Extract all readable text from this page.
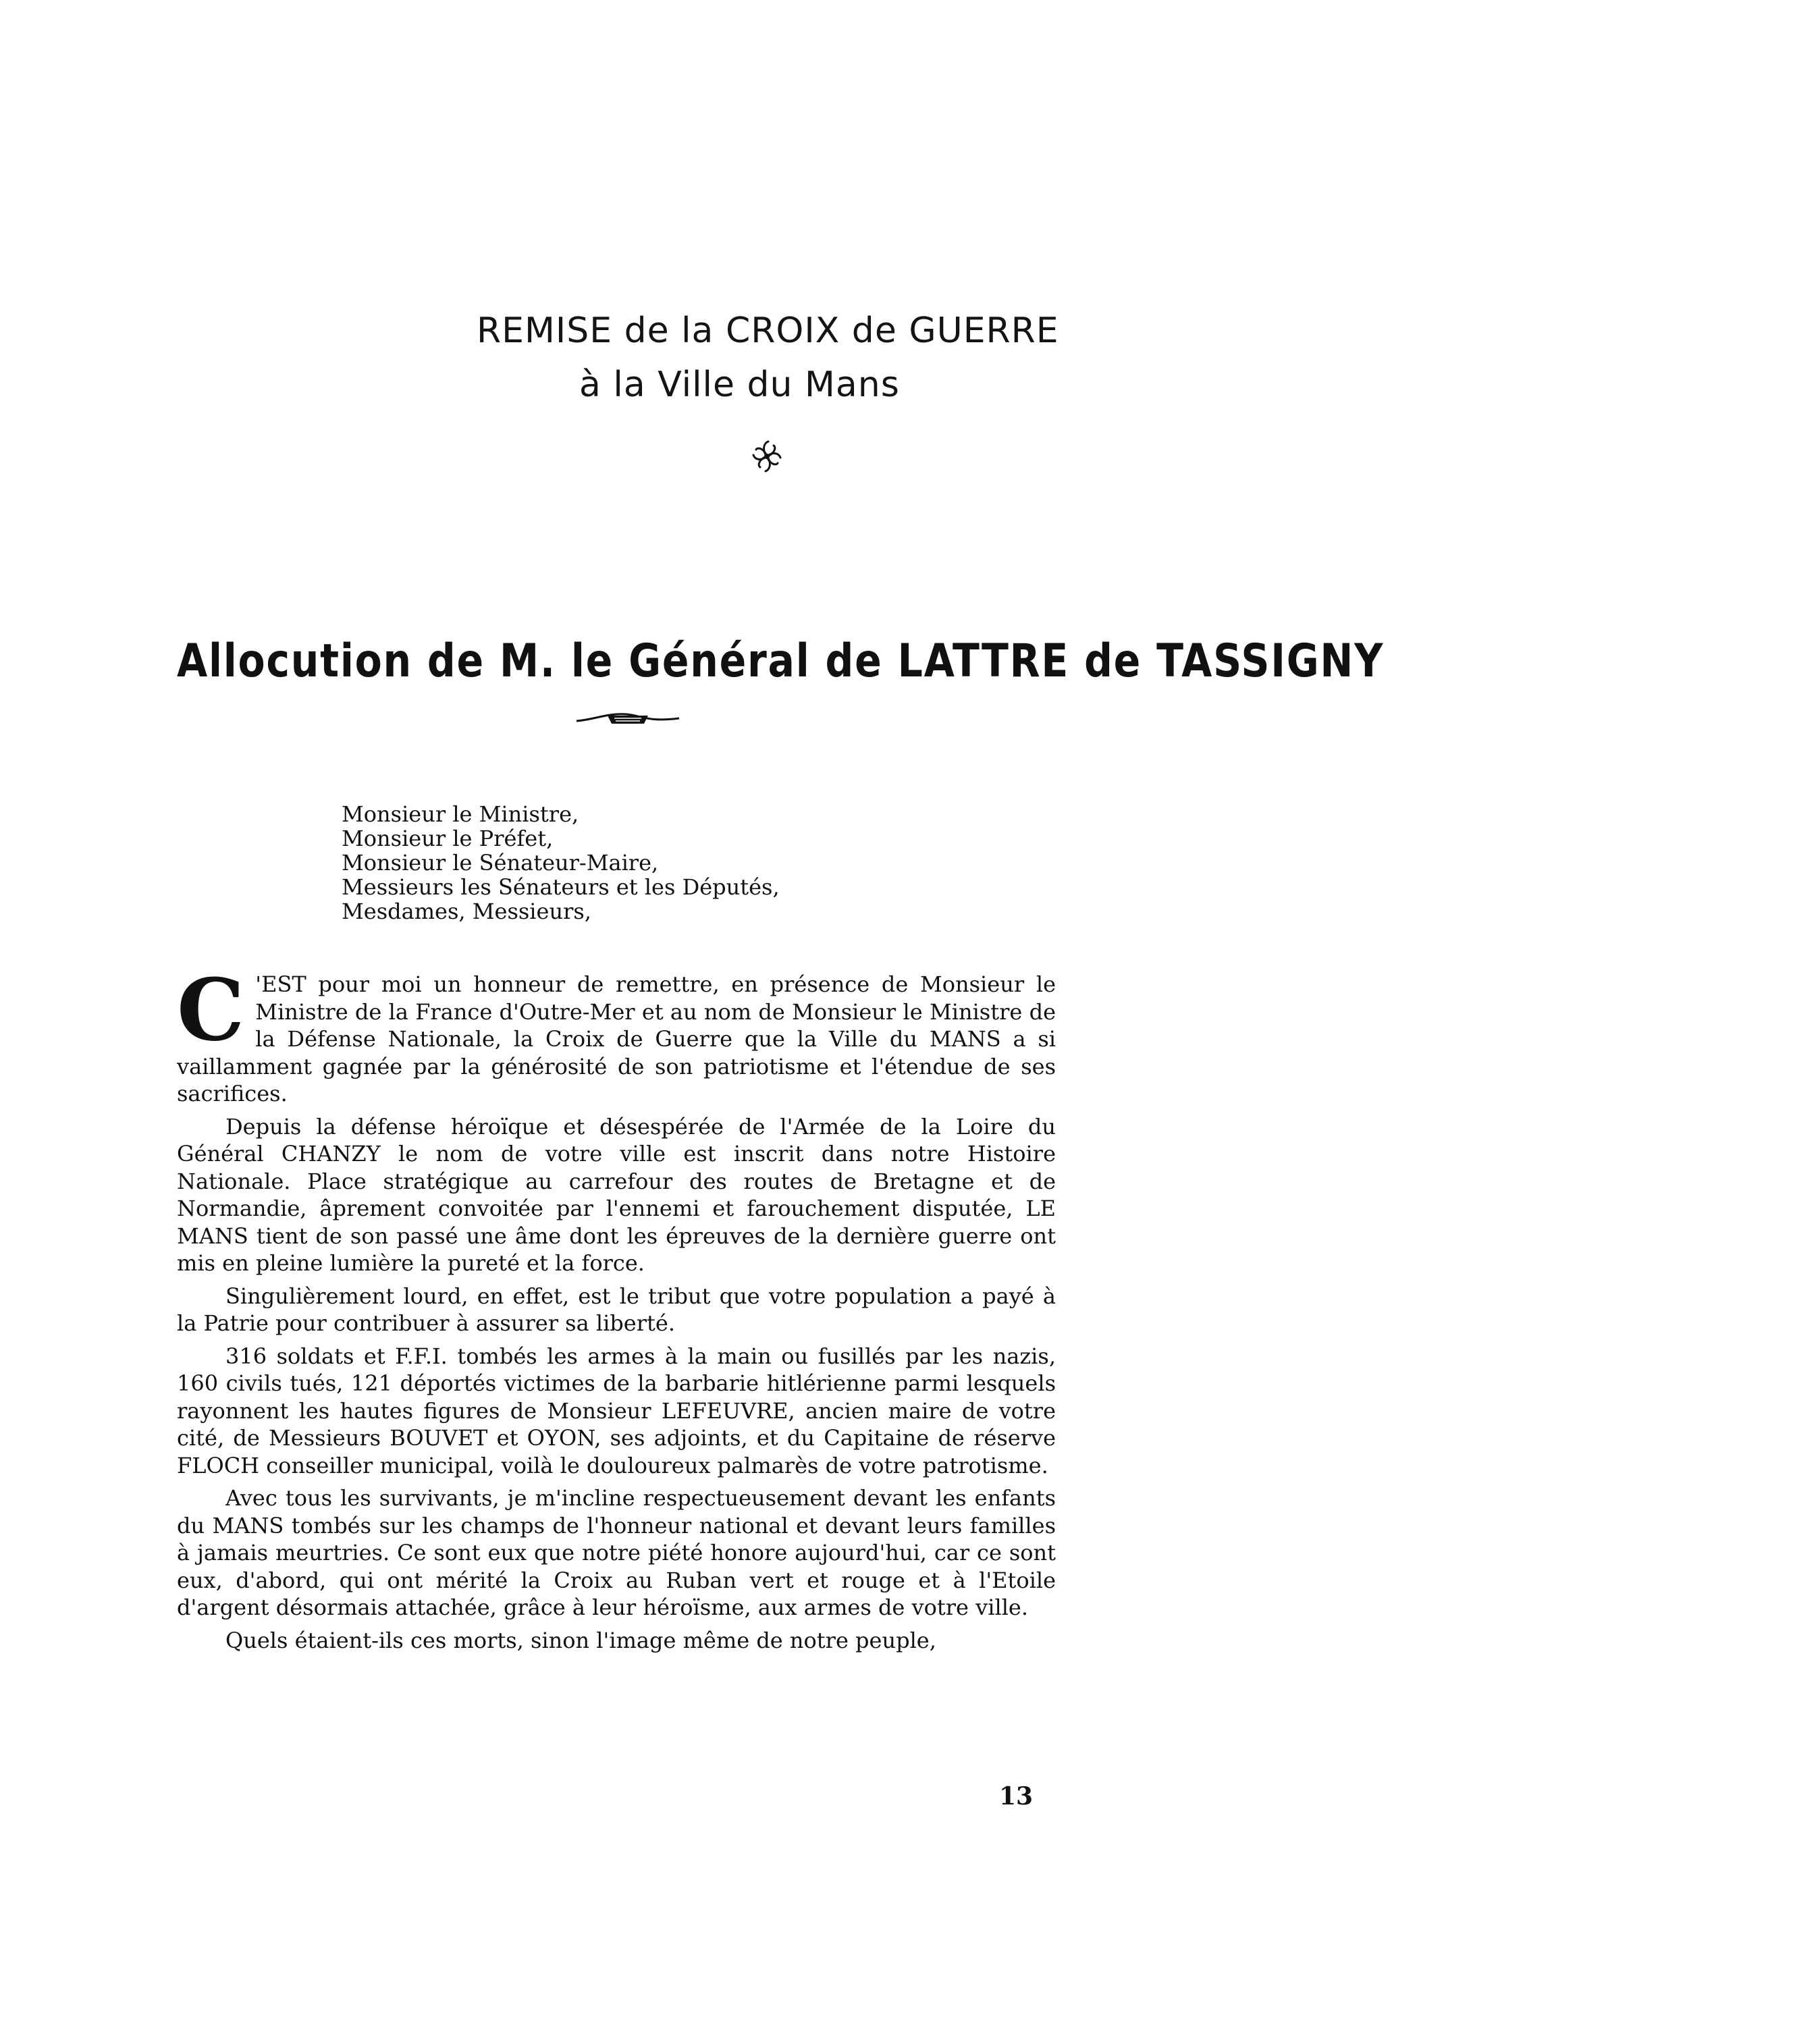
REMISE de la CROIX de GUERRE
à la Ville du Mans
Allocution de M. le Général de LATTRE de TASSIGNY
Monsieur le Ministre,
Monsieur le Préfet,
Monsieur le Sénateur-Maire,
Messieurs les Sénateurs et les Députés,
Mesdames, Messieurs,

C 'EST pour moi un honneur de remettre, en présence de Monsieur le Ministre de la France d'Outre-Mer et au nom de Monsieur le Ministre de la Défense Nationale, la Croix de Guerre que la Ville du MANS a si vaillamment gagnée par la générosité de son patriotisme et l'étendue de ses sacrifices.

Depuis la défense héroïque et désespérée de l'Armée de la Loire du Général CHANZY le nom de votre ville est inscrit dans notre Histoire Nationale. Place stratégique au carrefour des routes de Bretagne et de Normandie, âprement convoitée par l'ennemi et farouchement disputée, LE MANS tient de son passé une âme dont les épreuves de la dernière guerre ont mis en pleine lumière la pureté et la force.

Singulièrement lourd, en effet, est le tribut que votre population a payé à la Patrie pour contribuer à assurer sa liberté.

316 soldats et F.F.I. tombés les armes à la main ou fusillés par les nazis, 160 civils tués, 121 déportés victimes de la barbarie hitlérienne parmi lesquels rayonnent les hautes figures de Monsieur LEFEUVRE, ancien maire de votre cité, de Messieurs BOUVET et OYON, ses adjoints, et du Capitaine de réserve FLOCH conseiller municipal, voilà le douloureux palmarès de votre patrotisme.

Avec tous les survivants, je m'incline respectueusement devant les enfants du MANS tombés sur les champs de l'honneur national et devant leurs familles à jamais meurtries. Ce sont eux que notre piété honore aujourd'hui, car ce sont eux, d'abord, qui ont mérité la Croix au Ruban vert et rouge et à l'Etoile d'argent désormais attachée, grâce à leur héroïsme, aux armes de votre ville.

Quels étaient-ils ces morts, sinon l'image même de notre peuple,

13
